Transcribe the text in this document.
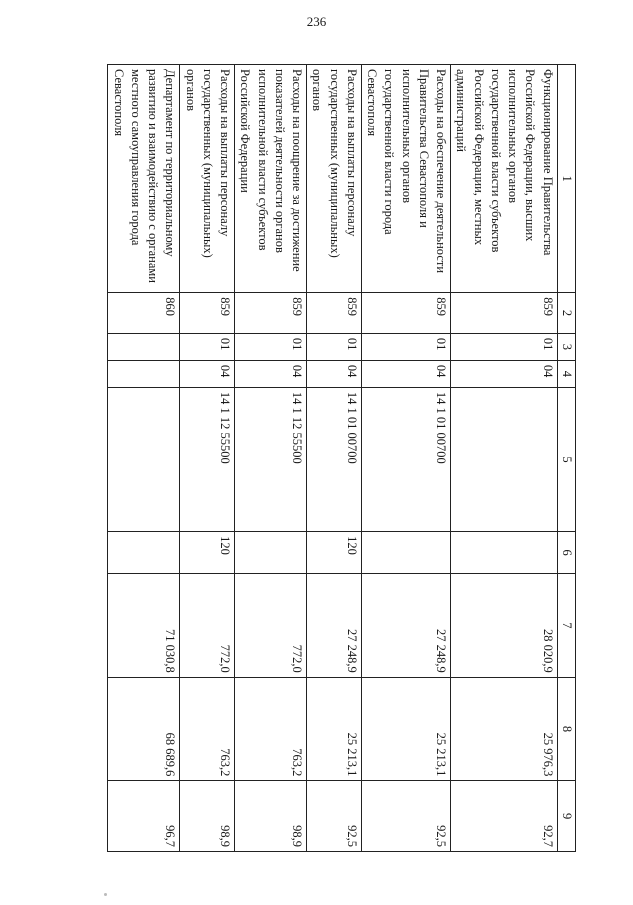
236
1	2	3	4	5	6	7	8	9
Функционирование Правительства Российской Федерации, высших исполнительных органов государственной власти субъектов Российской Федерации, местных администраций	859	01	04			28 020,9	25 976,3	92,7
Расходы на обеспечение деятельности Правительства Севастополя и исполнительных органов государственной власти города Севастополя	859	01	04	14 1 01 00700		27 248,9	25 213,1	92,5
Расходы на выплаты персоналу государственных (муниципальных) органов	859	01	04	14 1 01 00700	120	27 248,9	25 213,1	92,5
Расходы на поощрение за достижение показателей деятельности органов исполнительной власти субъектов Российской Федерации	859	01	04	14 1 12 55500		772,0	763,2	98,9
Расходы на выплаты персоналу государственных (муниципальных) органов	859	01	04	14 1 12 55500	120	772,0	763,2	98,9
Департамент по территориальному развитию и взаимодействию с органами местного самоуправления города Севастополя	860					71 030,8	68 689,6	96,7
